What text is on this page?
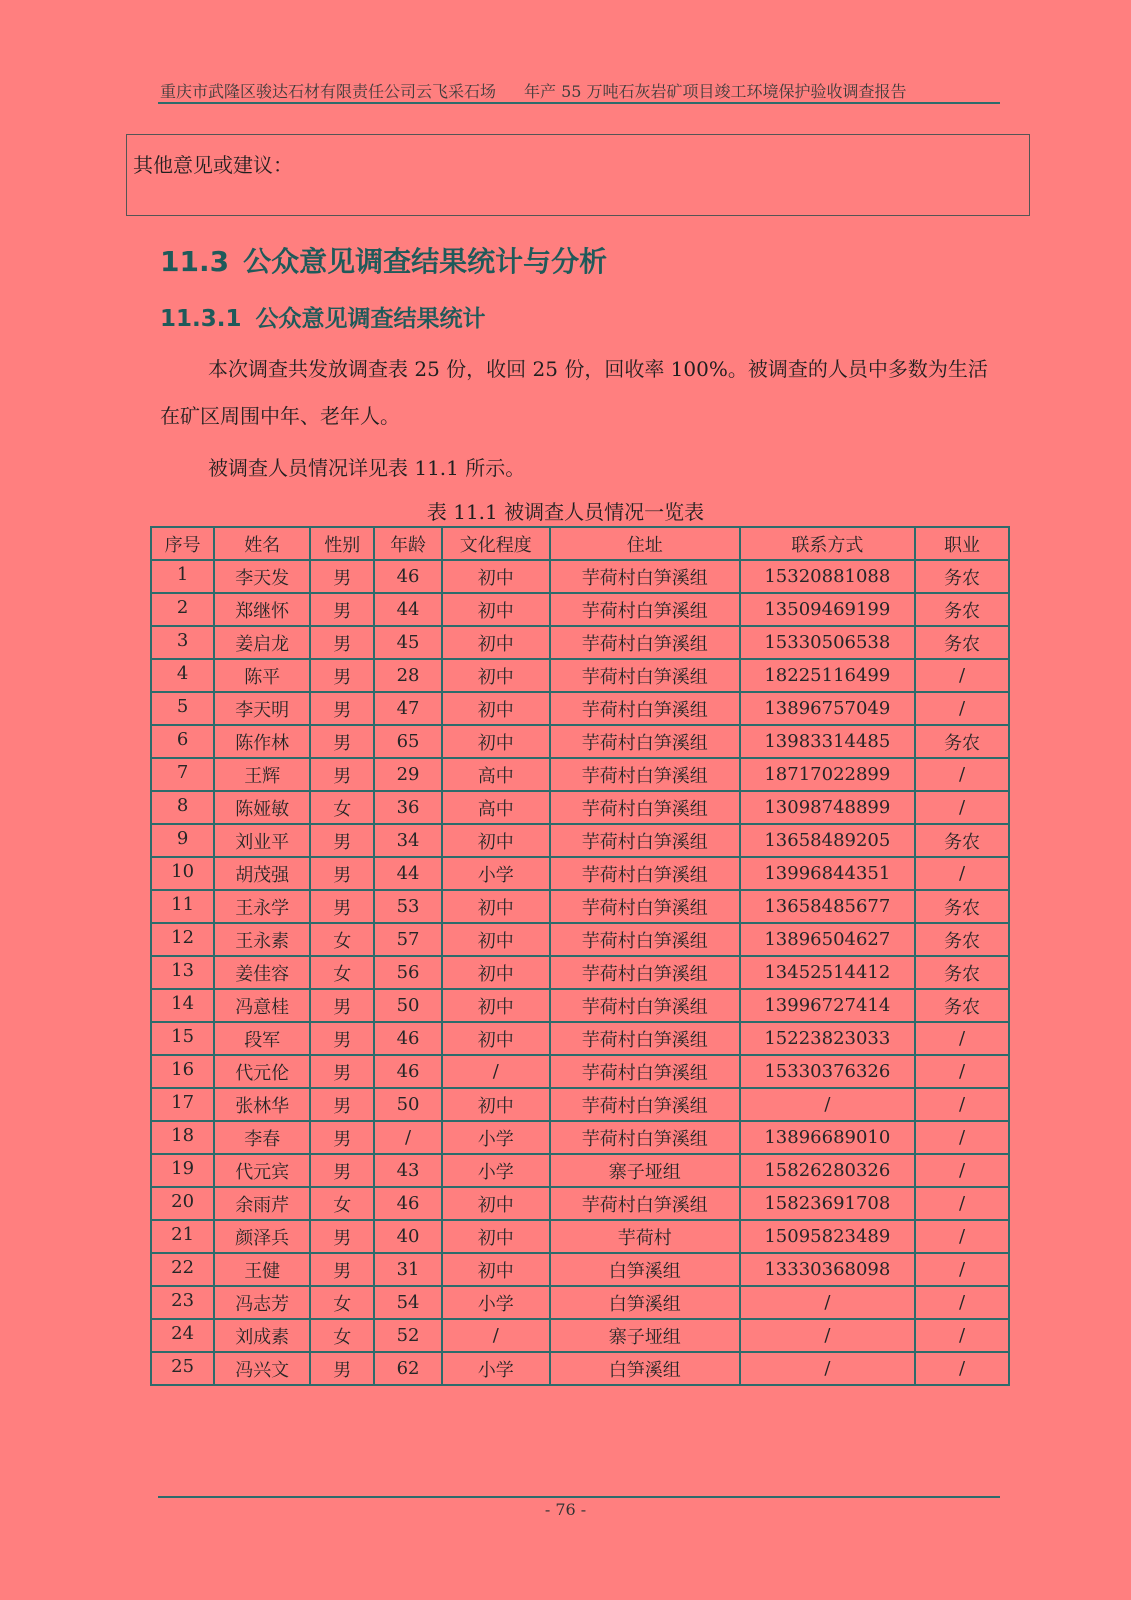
重庆市武隆区骏达石材有限责任公司云飞采石场 年产 55 万吨石灰岩矿项目竣工环境保护验收调查报告
其他意见或建议：
11.3 公众意见调查结果统计与分析
11.3.1 公众意见调查结果统计
本次调查共发放调查表 25 份，收回 25 份，回收率 100%。被调查的人员中多数为生活在矿区周围中年、老年人。
被调查人员情况详见表 11.1 所示。
表 11.1 被调查人员情况一览表
序号	姓名	性别	年龄	文化程度	住址	联系方式	职业
1	李天发	男	46	初中	芋荷村白笋溪组	15320881088	务农
2	郑继怀	男	44	初中	芋荷村白笋溪组	13509469199	务农
3	姜启龙	男	45	初中	芋荷村白笋溪组	15330506538	务农
4	陈平	男	28	初中	芋荷村白笋溪组	18225116499	/
5	李天明	男	47	初中	芋荷村白笋溪组	13896757049	/
6	陈作林	男	65	初中	芋荷村白笋溪组	13983314485	务农
7	王辉	男	29	高中	芋荷村白笋溪组	18717022899	/
8	陈娅敏	女	36	高中	芋荷村白笋溪组	13098748899	/
9	刘业平	男	34	初中	芋荷村白笋溪组	13658489205	务农
10	胡茂强	男	44	小学	芋荷村白笋溪组	13996844351	/
11	王永学	男	53	初中	芋荷村白笋溪组	13658485677	务农
12	王永素	女	57	初中	芋荷村白笋溪组	13896504627	务农
13	姜佳容	女	56	初中	芋荷村白笋溪组	13452514412	务农
14	冯意桂	男	50	初中	芋荷村白笋溪组	13996727414	务农
15	段军	男	46	初中	芋荷村白笋溪组	15223823033	/
16	代元伦	男	46	/	芋荷村白笋溪组	15330376326	/
17	张林华	男	50	初中	芋荷村白笋溪组	/	/
18	李春	男	/	小学	芋荷村白笋溪组	13896689010	/
19	代元宾	男	43	小学	寨子垭组	15826280326	/
20	余雨芹	女	46	初中	芋荷村白笋溪组	15823691708	/
21	颜泽兵	男	40	初中	芋荷村	15095823489	/
22	王健	男	31	初中	白笋溪组	13330368098	/
23	冯志芳	女	54	小学	白笋溪组	/	/
24	刘成素	女	52	/	寨子垭组	/	/
25	冯兴文	男	62	小学	白笋溪组	/	/
- 76 -
